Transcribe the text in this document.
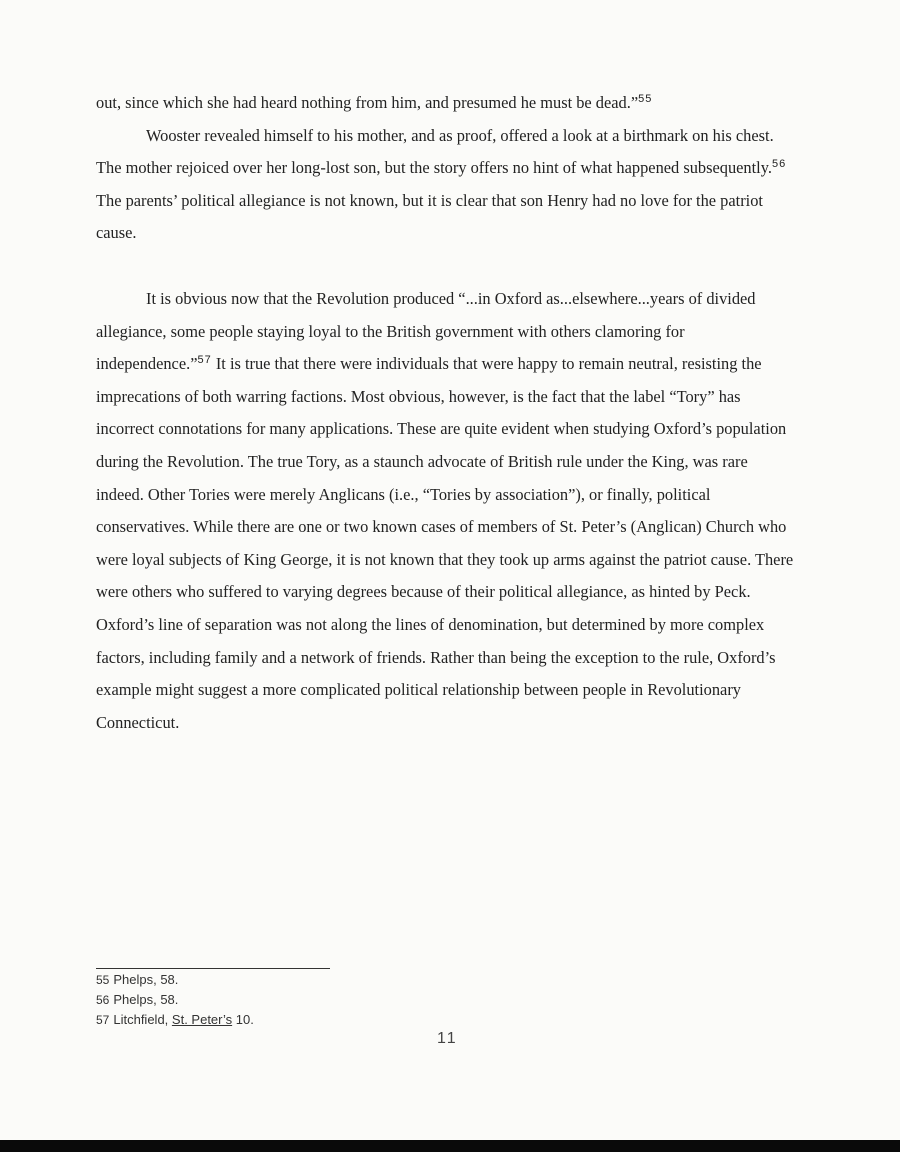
out, since which she had heard nothing from him, and presumed he must be dead.”$^{55}$

Wooster revealed himself to his mother, and as proof, offered a look at a birthmark on his chest. The mother rejoiced over her long-lost son, but the story offers no hint of what happened subsequently.$^{56}$ The parents’ political allegiance is not known, but it is clear that son Henry had no love for the patriot cause.

It is obvious now that the Revolution produced “...in Oxford as...elsewhere...years of divided allegiance, some people staying loyal to the British government with others clamoring for independence.”$^{57}$ It is true that there were individuals that were happy to remain neutral, resisting the imprecations of both warring factions. Most obvious, however, is the fact that the label “Tory” has incorrect connotations for many applications. These are quite evident when studying Oxford’s population during the Revolution. The true Tory, as a staunch advocate of British rule under the King, was rare indeed. Other Tories were merely Anglicans (i.e., “Tories by association”), or finally, political conservatives. While there are one or two known cases of members of St. Peter’s (Anglican) Church who were loyal subjects of King George, it is not known that they took up arms against the patriot cause. There were others who suffered to varying degrees because of their political allegiance, as hinted by Peck. Oxford’s line of separation was not along the lines of denomination, but determined by more complex factors, including family and a network of friends. Rather than being the exception to the rule, Oxford’s example might suggest a more complicated political relationship between people in Revolutionary Connecticut.

55 Phelps, 58.
56 Phelps, 58.
57 Litchfield, St. Peter’s 10.
11
